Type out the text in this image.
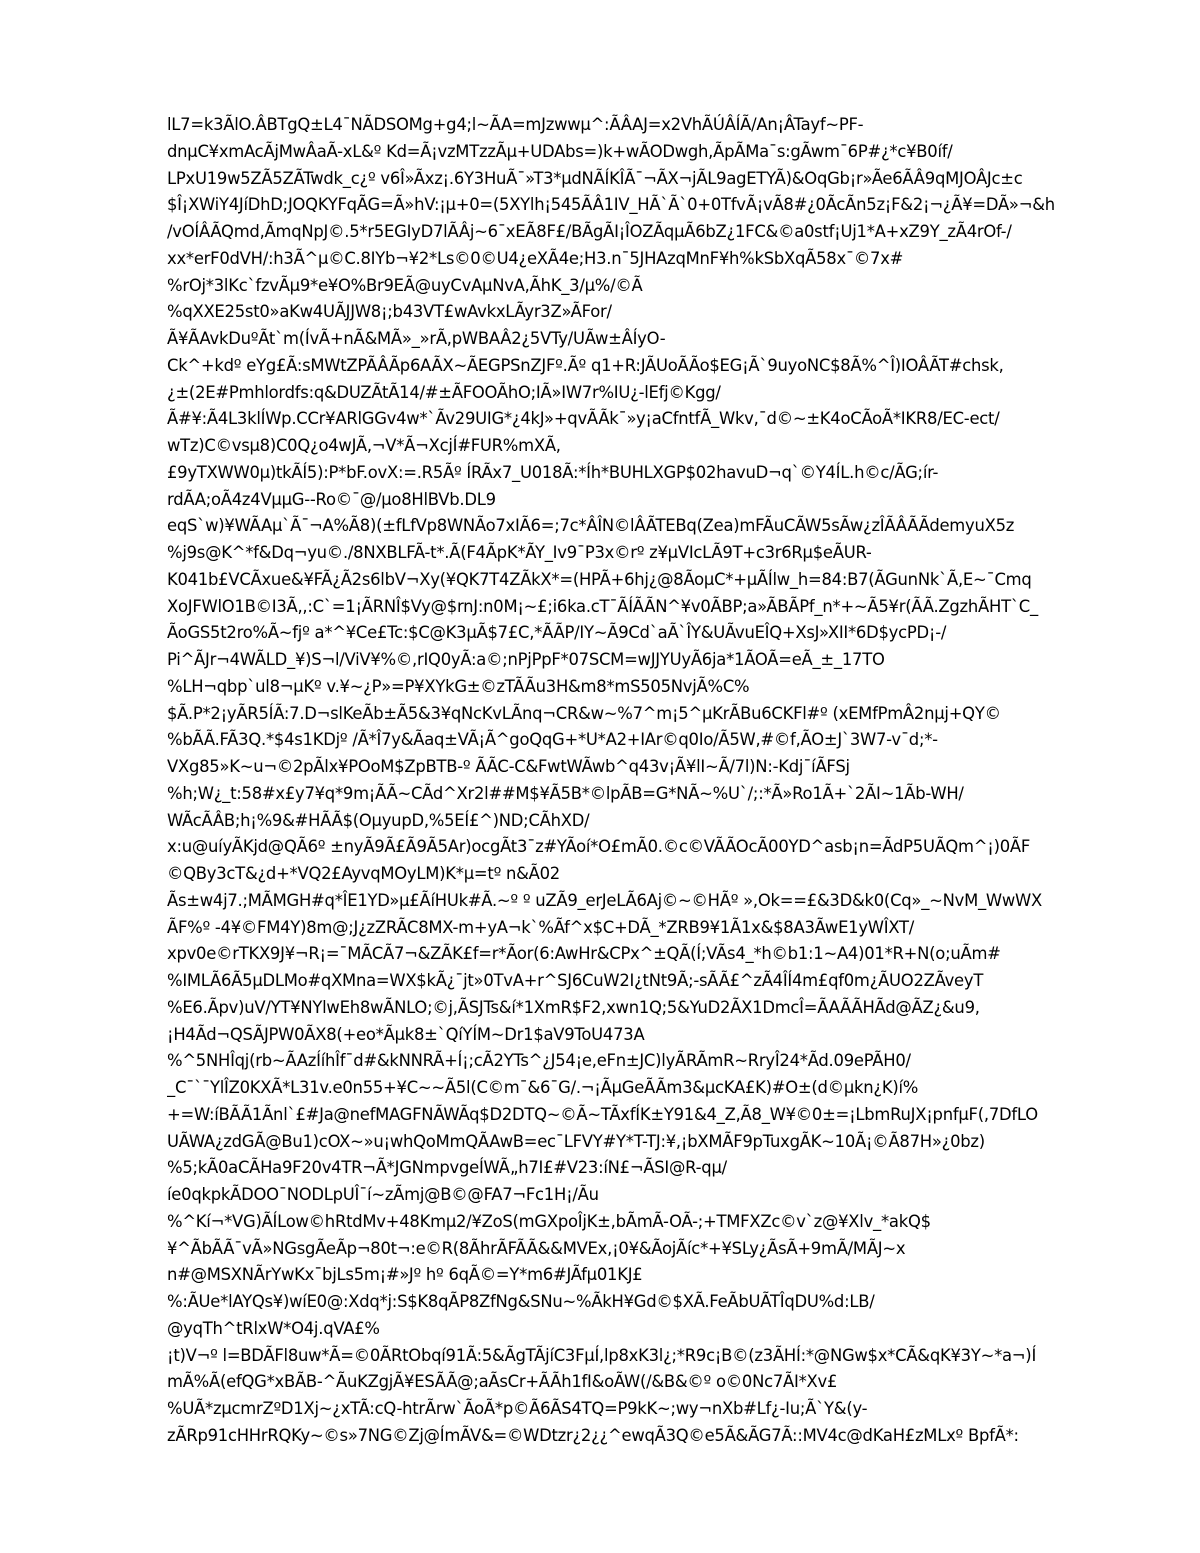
lL7=k3ÃlO.ÂBTgQ±L4¯NÃDSOMg+g4;l~ÃA=mJzwwµ^:ÃÂAJ=x2VhÃÚÂÍÃ/An¡ÂTayf~PF-
dnµC¥xmAcÃjMwÂaÃ-xL&º Kd=Ã¡vzMTzzÃµ+UDAbs=)k+wÃODwgh,ÃpÃMa¯s:gÃwm¯6P#¿*c¥B0íf/
LPxU19w5ZÃ5ZÃTwdk_c¿º v6Î»Ãxz¡.6Y3HuÃ¯»T3*µdNÃÍKÎÃ¯¬ÃX¬jÃL9agETYÃ)&OqGb¡r»Ãe6ÃÂ9qMJOÂJc±c
$Î¡XWiY4JíDhD;JOQKYFqÃG=Ã»hV:¡µ+0=(5XYlh¡545ÃÂ1IV_HÃ`Ã`0+0TfvÃ¡vÃ8#¿0ÃcÃn5z¡F&2¡¬¿Ã¥=DÃ»¬&h
/vOÍÂÃQmd,ÃmqNpJ©.5*r5EGIyD7lÃÂj~6¯xEÃ8F£/BÃgÃI¡ÎOZÃqµÃ6bZ¿1FC&©a0stf¡Uj1*A+xZ9Y_zÃ4rOf-/
xx*erF0dVH/:h3Ã^µ©C.8IYb¬¥2*Ls©0©U4¿eXÃ4e;H3.n¯5JHAzqMnF¥h%kSbXqÃ58x¯©7x#
%rOj*3lKc`fzvÃµ9*e¥O%Br9EÃ@uyCvAµNvA,ÃhK_3/µ%/©Ã
%qXXE25st0»aKw4UÃJJW8¡;b43VT£wAvkxLÃyr3Z»ÃFor/
Ã¥ÃAvkDuºÃt`m(ÍvÃ+nÃ&MÃ»_»rÃ,pWBAÂ2¿5VTy/UÃw±ÂÍyO-
Ck^+kdº eYg£Ã:sMWtZPÃÂÃp6AÃX~ÃEGPSnZJFº.Ãº q1+R:JÃUoÃÃo$EG¡Ã`9uyoNC$8Ã%^Î)IOÂÃT#chsk,
¿±(2E#Pmhlordfs:q&DUZÃtÃ14/#±ÃFOOÃhO;IÃ»IW7r%IU¿-lEfj©Kgg/
Ã#¥:Ã4L3klÍWp.CCr¥ARlGGv4w*`Ãv29UIG*¿4kJ»+qvÃÃk¯»y¡aCfntfÃ_Wkv,¯d©~±K4oCÃoÃ*IKR8/EC-ect/
wTz)C©vsµ8)C0Q¿o4wJÃ,¬V*Ã¬XcjÍ#FUR%mXÃ,
£9yTXWW0µ)tkÃÍ5):P*bF.ovX:=.R5Ãº ÍRÃx7_U018Ã:*Íh*BUHLXGP$02havuD¬q`©Y4ÍL.h©c/ÃG;ír-
rdÃA;oÃ4z4VµµG--Ro©¯@/µo8HlBVb.DL9
eqS`w)¥WÃAµ`Ã¯¬A%Ã8)(±fLfVp8WNÃo7xIÃ6=;7c*ÂÎN©lÂÃTEBq(Zea)mFÃuCÃW5sÃw¿zÎÃÂÃÃdemyuX5z
%j9s@K^*f&Dq¬yu©./8NXBLFÃ-t*.Ã(F4ÃpK*ÃY_Iv9¯P3x©rº z¥µVIcLÃ9T+c3r6Rµ$eÃUR-
K041b£VCÃxue&¥FÃ¿Ã2s6lbV¬Xy(¥QK7T4ZÃkX*=(HPÃ+6hj¿@8ÃoµC*+µÃÍlw_h=84:B7(ÃGunNk`Ã,E~¯Cmq
XoJFWlO1B©I3Ã,,:C`=1¡ÃRNÎ$Vy@$rnJ:n0M¡~£;i6ka.cT¯ÃÍÃÃN^¥v0ÃBP;a»ÃBÃPf_n*+~Ã5¥r(ÃÃ.ZgzhÃHT`C_
ÃoGS5t2ro%Ã~fjº a*^¥Ce£Tc:$C@K3µÃ$7£C,*ÃÃP/IY~Ã9Cd`aÃ`ÎY&UÃvuEÎQ+XsJ»XII*6D$ycPD¡-/
Pi^ÃJr¬4WÃLD_¥)S¬l/ViV¥%©,rIQ0yÃ:a©;nPjPpF*07SCM=wJJYUyÃ6ja*1ÃOÃ=eÃ_±_17TO
%LH¬qbp`ul8¬µKº v.¥~¿P»=P¥XYkG±©zTÃÃu3H&m8*mS505NvjÃ%C%
$Ã.P*2¡yÃR5ÍÃ:7.D¬slKeÃb±Ã5&3¥qNcKvLÃnq¬CR&w~%7^m¡5^µKrÃBu6CKFl#º (xEMfPmÂ2nµj+QY©
%bÃÃ.FÃ3Q.*$4s1KDjº /Ã*Î7y&Ãaq±VÃ¡Ã^goQqG+*U*A2+IAr©q0Io/Ã5W,#©f,ÃO±J`3W7-v¯d;*-
VXg85»K~u¬©2pÃlx¥POoM$ZpBTB-º ÃÃC-C&FwtWÃwb^q43v¡Ã¥lI~Ã/7l)N:-Kdj¯íÃFSj
%h;W¿_t:58#x£y7¥q*9m¡ÃÃ~CÃd^Xr2l##M$¥Ã5B*©lpÃB=G*NÃ~%U`/;:*Ã»Ro1Ã+`2ÃI~1Ãb-WH/
WÃcÃÂB;h¡%9&#HÃÃ$(OµyupD,%5EÍ£^)ND;CÃhXD/
x:u@uíyÃKjd@QÃ6º ±nyÃ9Ã£Ã9Ã5Ar)ocgÃt3¯z#YÃoí*O£mÃ0.©c©VÃÃOcÃ00YD^asb¡n=ÃdP5UÃQm^¡)0ÃF
©QBy3cT&¿d+*VQ2£AyvqMOyLM)K*µ=tº n&Ã02
Ãs±w4j7.;MÃMGH#q*ÎE1YD»µ£ÃíHUk#Ã.~º º uZÃ9_erJeLÃ6Aj©~©HÃº »,Ok==£&3D&k0(Cq»_~NvM_WwWX
ÃF%º -4¥©FM4Y)8m@;J¿zZRÃC8MX-m+yA¬k`%Ãf^x$C+DÃ_*ZRB9¥1Ã1x&$8A3ÃwE1yWÎXT/
xpv0e©rTKX9J¥¬R¡=¯MÃCÃ7¬&ZÃK£f=r*Ãor(6:AwHr&CPx^±QÃ(Í;VÃs4_*h©b1:1~A4)01*R+N(o;uÃm#
%IMLÃ6Ã5µDLMo#qXMna=WX$kÃ¿¯jt»0TvA+r^SJ6CuW2I¿tNt9Ã;-sÃÃ£^zÃ4ÎÍ4m£qf0m¿ÃUO2ZÃveyT
%E6.Ãpv)uV/YT¥NYlwEh8wÃNLO;©j,ÃSJTs&í*1XmR$F2,xwn1Q;5&YuD2ÃX1DmcÎ=ÃAÃÃHÃd@ÃZ¿&u9,
¡H4Ãd¬QSÃJPW0ÃX8(+eo*Ãµk8±`QíYÍM~Dr1$aV9ToU473A
%^5NHÎqj(rb~ÃAzÍíhÎf¯d#&kNNRÃ+Í¡;cÃ2YTs^¿J54¡e,eFn±JC)lyÃRÃmR~RryÎ24*Ãd.09ePÃH0/
_C¯`¯YlÎZ0KXÃ*L31v.e0n55+¥C~~Ã5l(C©m¯&6¯G/.¬¡ÃµGeÃÃm3&µcKA£K)#O±(d©µkn¿K)í%
+=W:íBÃÃ1Ãnl`£#Ja@nefMAGFNÃWÃq$D2DTQ~©Ã~TÃxfÍK±Y91&4_Z,Ã8_W¥©0±=¡LbmRuJX¡pnfµF(,7DfLO
UÃWA¿zdGÃ@Bu1)cOX~»u¡whQoMmQÃAwB=ec¯LFVY#Y*T-TJ:¥,¡bXMÃF9pTuxgÃK~10Ã¡©Ã87H»¿0bz)
%5;kÃ0aCÃHa9F20v4TR¬Ã*JGNmpvgeÍWÃ„h7I£#V23:íN£¬ÃSI@R-qµ/
íe0qkpkÃDOO¯NODLpUÎ¯í~zÃmj@B©@FA7¬Fc1H¡/Ãu
%^Kí¬*VG)ÃÍLow©hRtdMv+48Kmµ2/¥ZoS(mGXpoÎjK±,bÃmÃ-OÃ-;+TMFXZc©v`z@¥Xlv_*akQ$
¥^ÃbÃÃ¯vÃ»NGsgÃeÃp¬80t¬:e©R(8ÃhrÃFÃÃ&&MVEx,¡0¥&ÃojÃíc*+¥SLy¿ÃsÃ+9mÃ/MÃJ~x
n#@MSXNÃrYwKx¯bjLs5m¡#»Jº hº 6qÃ©=Y*m6#JÃfµ01KJ£
%:ÃUe*lAYQs¥)wíE0@:Xdq*j:S$K8qÃP8ZfNg&SNu~%ÃkH¥Gd©$XÃ.FeÃbUÃTÎqDU%d:LB/
@yqTh^tRlxW*O4j.qVA£%
¡t)V¬º l=BDÃFl8uw*Ã=©0ÃRtObqí91Ã:5&ÃgTÃjíC3FµÍ,lp8xK3l¿;*R9c¡B©(z3ÃHÍ:*@NGw$x*CÃ&qK¥3Y~*a¬)Í
mÃ%Ã(efQG*xBÃB-^ÃuKZgjÃ¥ESÃÃ@;aÃsCr+ÃÃh1fI&oÃW(/&B&©º o©0Nc7ÃI*Xv£
%UÃ*zµcmrZºD1Xj~¿xTÃ:cQ-htrÃrw`ÃoÃ*p©Ã6ÃS4TQ=P9kK~;wy¬nXb#Lf¿-Iu;Ã`Y&(y-
zÃRp91cHHrRQKy~©s»7NG©Zj@ÍmÃV&=©WDtzr¿2¿¿^ewqÃ3Q©e5Ã&ÃG7Ã::MV4c@dKaH£zMLxº BpfÃ*:
